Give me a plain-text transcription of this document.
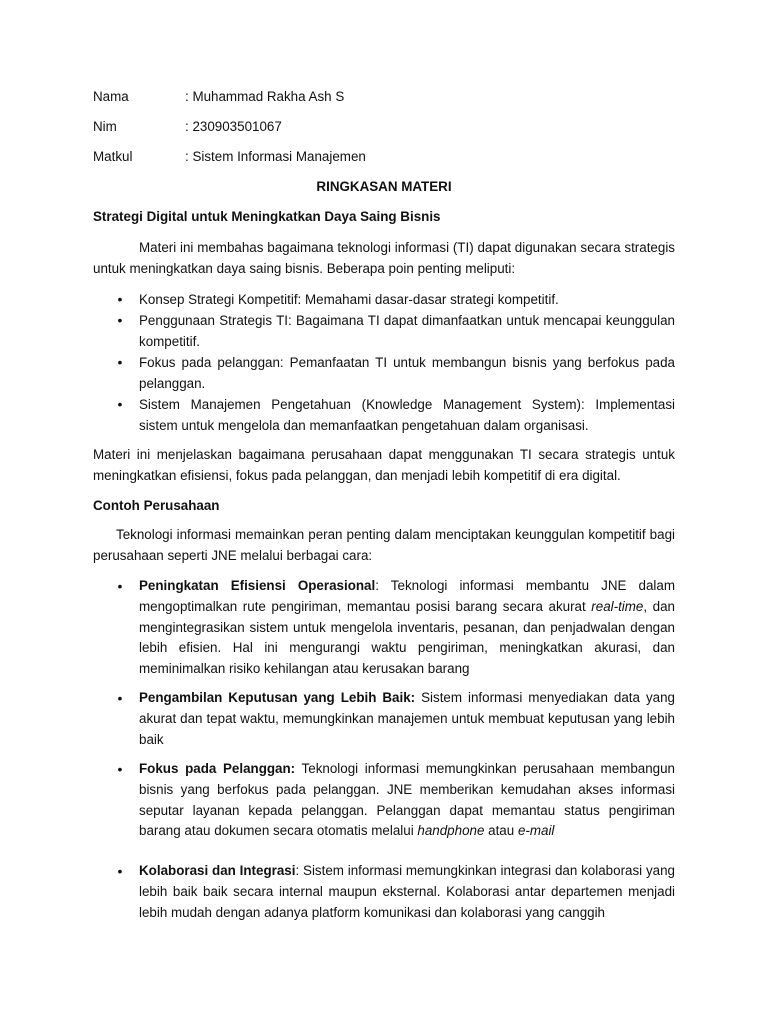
Nama	: Muhammad Rakha Ash S
Nim	: 230903501067
Matkul	: Sistem Informasi Manajemen
RINGKASAN MATERI
Strategi Digital untuk Meningkatkan Daya Saing Bisnis

Materi ini membahas bagaimana teknologi informasi (TI) dapat digunakan secara strategis untuk meningkatkan daya saing bisnis. Beberapa poin penting meliputi:

• Konsep Strategi Kompetitif: Memahami dasar-dasar strategi kompetitif.
• Penggunaan Strategis TI: Bagaimana TI dapat dimanfaatkan untuk mencapai keunggulan kompetitif.
• Fokus pada pelanggan: Pemanfaatan TI untuk membangun bisnis yang berfokus pada pelanggan.
• Sistem Manajemen Pengetahuan (Knowledge Management System): Implementasi sistem untuk mengelola dan memanfaatkan pengetahuan dalam organisasi.

Materi ini menjelaskan bagaimana perusahaan dapat menggunakan TI secara strategis untuk meningkatkan efisiensi, fokus pada pelanggan, dan menjadi lebih kompetitif di era digital.

Contoh Perusahaan

Teknologi informasi memainkan peran penting dalam menciptakan keunggulan kompetitif bagi perusahaan seperti JNE melalui berbagai cara:

• Peningkatan Efisiensi Operasional: Teknologi informasi membantu JNE dalam mengoptimalkan rute pengiriman, memantau posisi barang secara akurat real-time, dan mengintegrasikan sistem untuk mengelola inventaris, pesanan, dan penjadwalan dengan lebih efisien. Hal ini mengurangi waktu pengiriman, meningkatkan akurasi, dan meminimalkan risiko kehilangan atau kerusakan barang
• Pengambilan Keputusan yang Lebih Baik: Sistem informasi menyediakan data yang akurat dan tepat waktu, memungkinkan manajemen untuk membuat keputusan yang lebih baik
• Fokus pada Pelanggan: Teknologi informasi memungkinkan perusahaan membangun bisnis yang berfokus pada pelanggan. JNE memberikan kemudahan akses informasi seputar layanan kepada pelanggan. Pelanggan dapat memantau status pengiriman barang atau dokumen secara otomatis melalui handphone atau e-mail
• Kolaborasi dan Integrasi: Sistem informasi memungkinkan integrasi dan kolaborasi yang lebih baik baik secara internal maupun eksternal. Kolaborasi antar departemen menjadi lebih mudah dengan adanya platform komunikasi dan kolaborasi yang canggih
